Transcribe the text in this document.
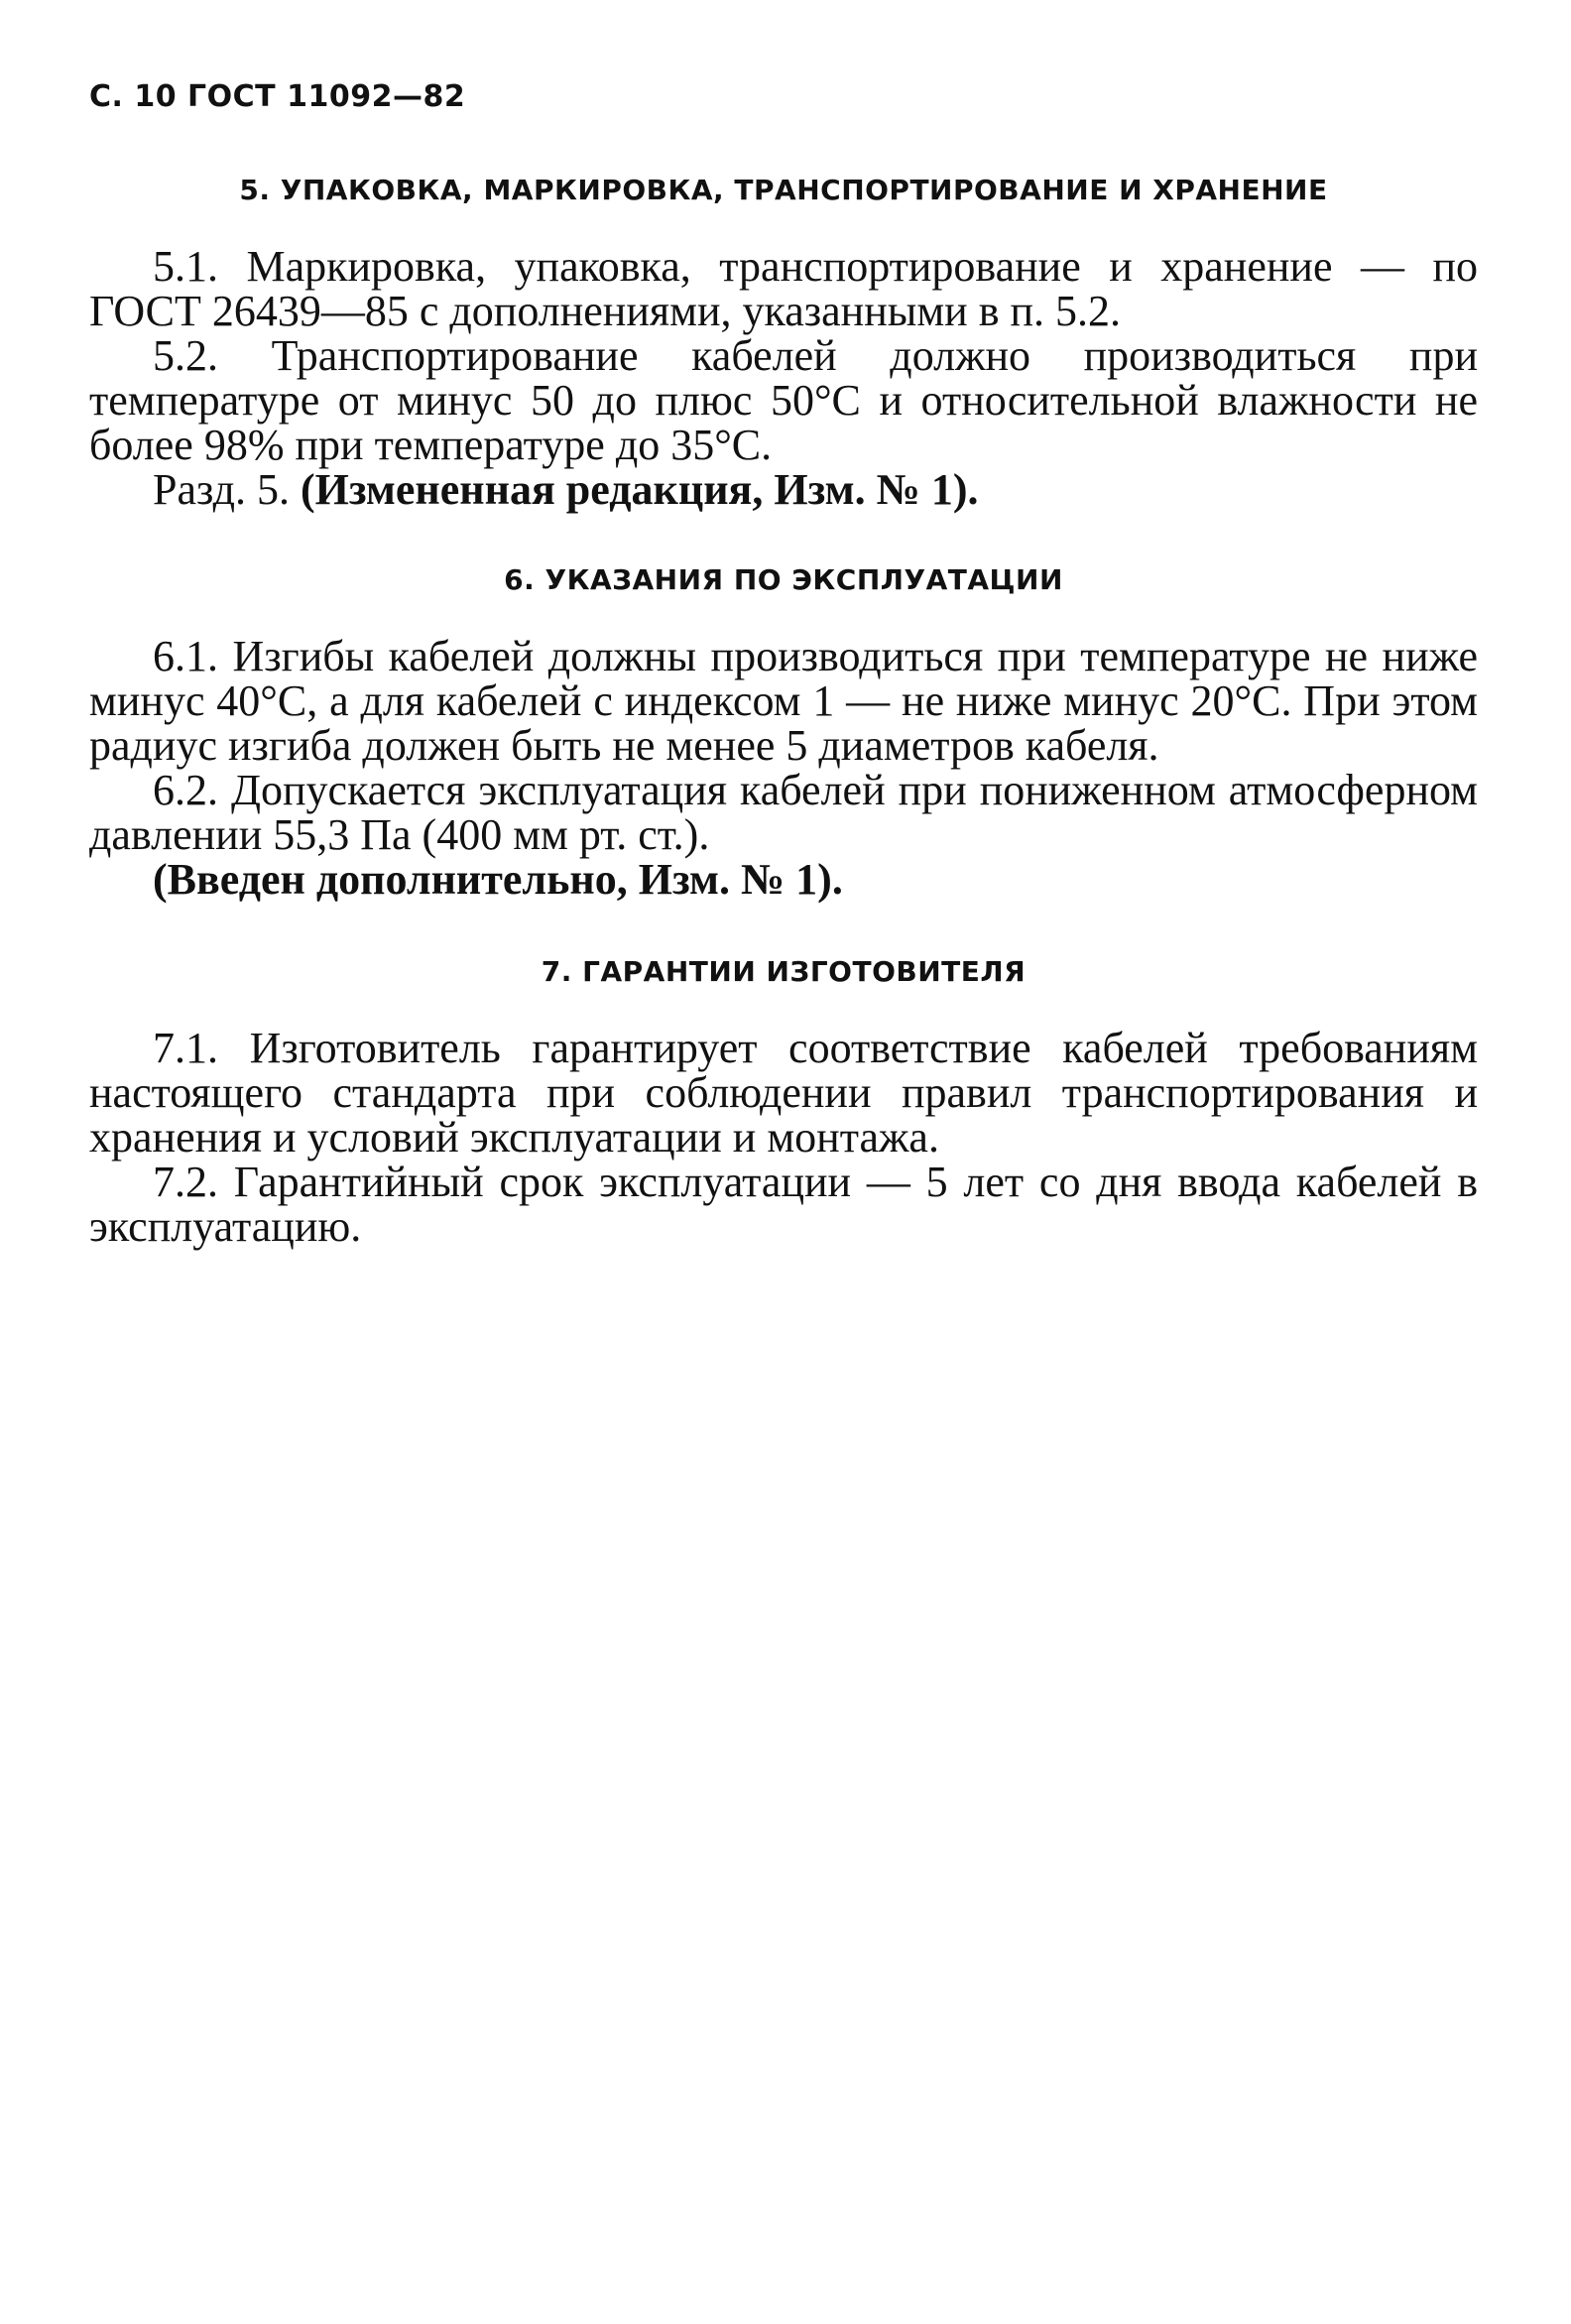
С. 10 ГОСТ 11092—82
5. УПАКОВКА, МАРКИРОВКА, ТРАНСПОРТИРОВАНИЕ И ХРАНЕНИЕ

5.1. Маркировка, упаковка, транспортирование и хранение — по ГОСТ 26439—85 с дополнениями, указанными в п. 5.2.

5.2. Транспортирование кабелей должно производиться при температуре от минус 50 до плюс 50°С и относительной влажности не более 98% при температуре до 35°С.

Разд. 5. (Измененная редакция, Изм. № 1).

6. УКАЗАНИЯ ПО ЭКСПЛУАТАЦИИ

6.1. Изгибы кабелей должны производиться при температуре не ниже минус 40°С, а для кабелей с индексом 1 — не ниже минус 20°С. При этом радиус изгиба должен быть не менее 5 диаметров кабеля.

6.2. Допускается эксплуатация кабелей при пониженном атмосферном давлении 55,3 Па (400 мм рт. ст.).

(Введен дополнительно, Изм. № 1).

7. ГАРАНТИИ ИЗГОТОВИТЕЛЯ

7.1. Изготовитель гарантирует соответствие кабелей требованиям настоящего стандарта при соблюдении правил транспортирования и хранения и условий эксплуатации и монтажа.

7.2. Гарантийный срок эксплуатации — 5 лет со дня ввода кабелей в эксплуатацию.
